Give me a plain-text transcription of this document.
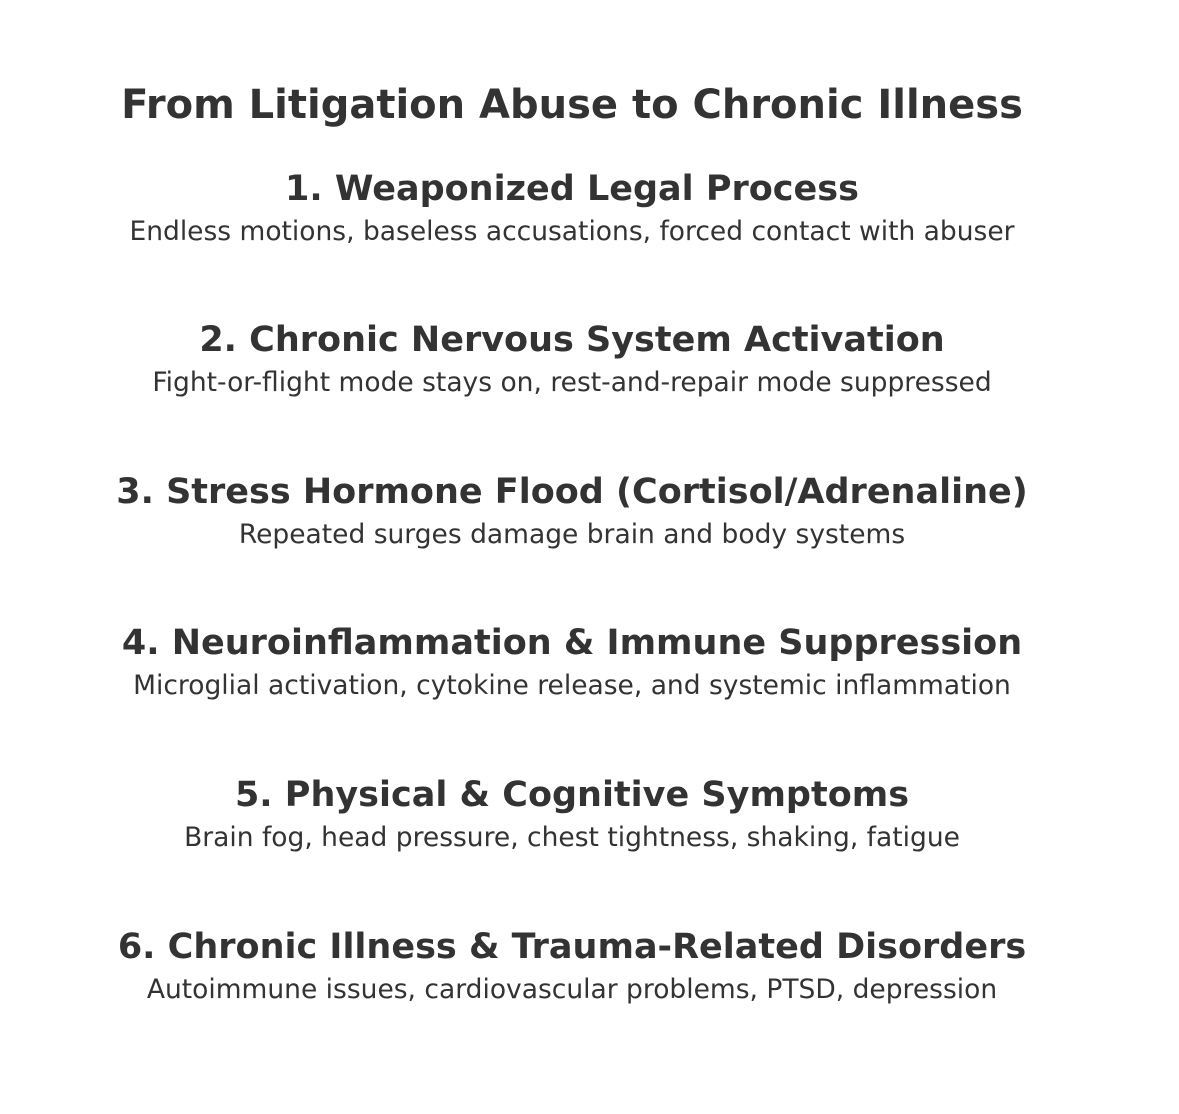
From Litigation Abuse to Chronic Illness
1. Weaponized Legal Process
Endless motions, baseless accusations, forced contact with abuser
2. Chronic Nervous System Activation
Fight-or-flight mode stays on, rest-and-repair mode suppressed
3. Stress Hormone Flood (Cortisol/Adrenaline)
Repeated surges damage brain and body systems
4. Neuroinflammation & Immune Suppression
Microglial activation, cytokine release, and systemic inflammation
5. Physical & Cognitive Symptoms
Brain fog, head pressure, chest tightness, shaking, fatigue
6. Chronic Illness & Trauma-Related Disorders
Autoimmune issues, cardiovascular problems, PTSD, depression
